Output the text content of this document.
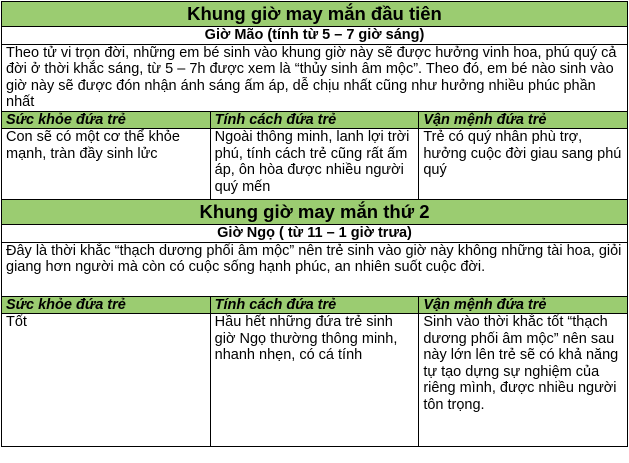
Khung giờ may mắn đầu tiên		
Giờ Mão (tính từ 5 – 7 giờ sáng)		
Theo tử vi trọn đời, những em bé sinh vào khung giờ này sẽ được hưởng vinh hoa, phú quý cả đời ở thời khắc sáng, từ 5 – 7h được xem là “thủy sinh âm mộc”. Theo đó, em bé nào sinh vào giờ này sẽ được đón nhận ánh sáng ấm áp, dễ chịu nhất cũng như hưởng nhiều phúc phần nhất		
Sức khỏe đứa trẻ	Tính cách đứa trẻ	Vận mệnh đứa trẻ
Con sẽ có một cơ thể khỏe mạnh, tràn đầy sinh lửc	Ngoài thông minh, lanh lợi trời phú, tính cách trẻ cũng rất ấm áp, ôn hòa được nhiều người quý mến	Trẻ có quý nhân phù trợ, hưởng cuộc đời giau sang phú quý
Khung giờ may mắn thứ 2		
Giờ Ngọ ( từ 11 – 1 giờ trưa)		
Đây là thời khắc “thạch dương phối âm mộc” nên trẻ sinh vào giờ này không những tài hoa, giỏi giang hơn người mà còn có cuộc sống hạnh phúc, an nhiên suốt cuộc đời.		
Sức khỏe đứa trẻ	Tính cách đứa trẻ	Vận mệnh đứa trẻ
Tốt	Hầu hết những đứa trẻ sinh giờ Ngọ thường thông minh, nhanh nhẹn, có cá tính	Sinh vào thời khắc tốt “thạch dương phối âm mộc” nên sau này lớn lên trẻ sẽ có khả năng tự tạo dựng sự nghiệm của riêng mình, được nhiều người tôn trọng.
